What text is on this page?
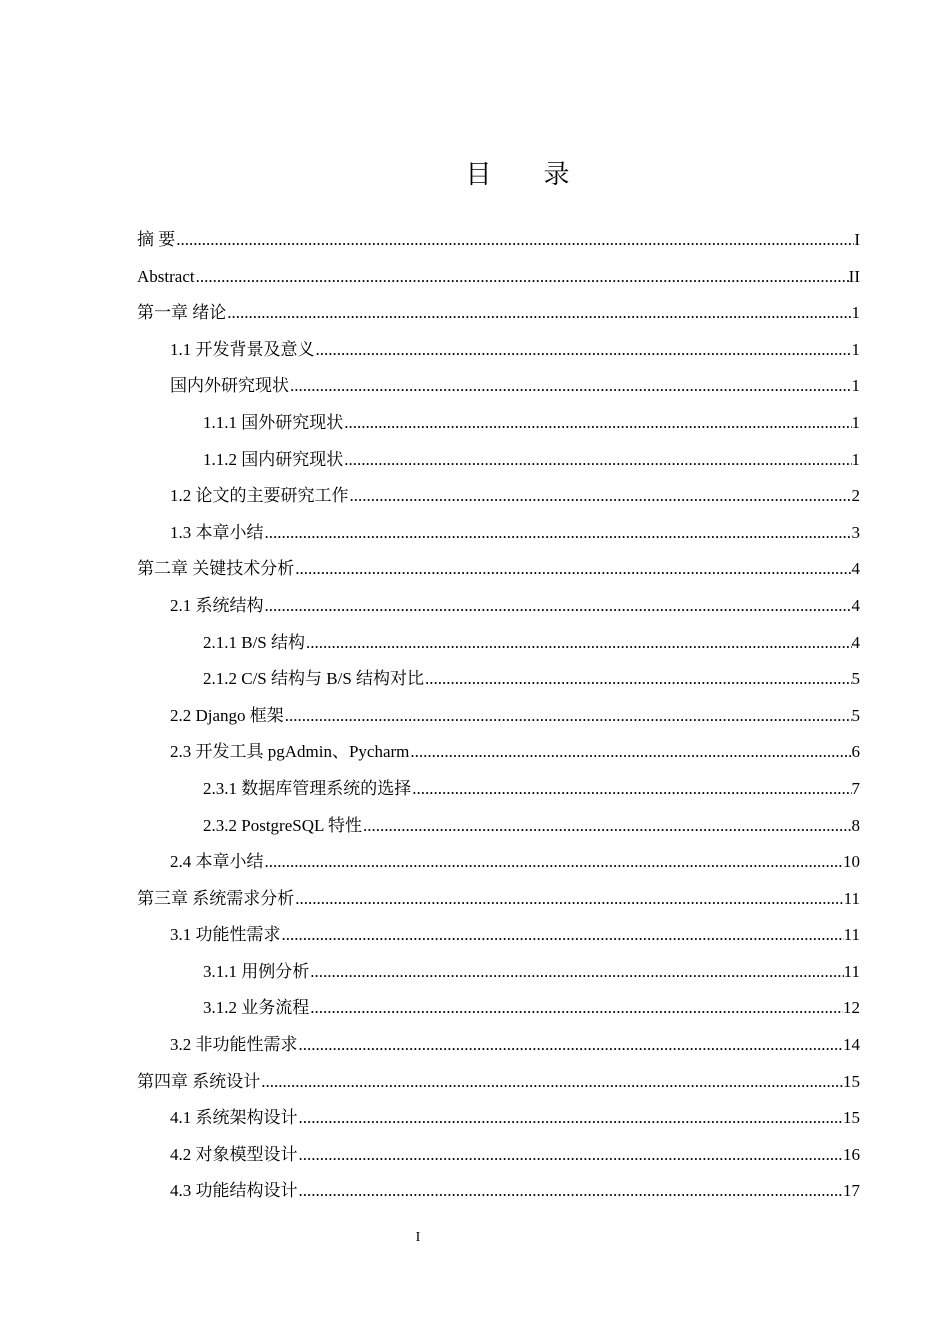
目　　录
摘 要 .....	I
Abstract .....	II
第一章 绪论 .....	1
1.1 开发背景及意义 .....	1
国内外研究现状 .....	1
1.1.1 国外研究现状 .....	1
1.1.2 国内研究现状 .....	1
1.2 论文的主要研究工作 .....	2
1.3 本章小结 .....	3
第二章 关键技术分析 .....	4
2.1 系统结构 .....	4
2.1.1 B/S 结构 .....	4
2.1.2 C/S 结构与 B/S 结构对比 .....	5
2.2 Django 框架 .....	5
2.3 开发工具 pgAdmin、Pycharm .....	6
2.3.1 数据库管理系统的选择 .....	7
2.3.2 PostgreSQL 特性 .....	8
2.4 本章小结 .....	10
第三章 系统需求分析 .....	11
3.1 功能性需求 .....	11
3.1.1 用例分析 .....	11
3.1.2 业务流程 .....	12
3.2 非功能性需求 .....	14
第四章 系统设计 .....	15
4.1 系统架构设计 .....	15
4.2 对象模型设计 .....	16
4.3 功能结构设计 .....	17
I
